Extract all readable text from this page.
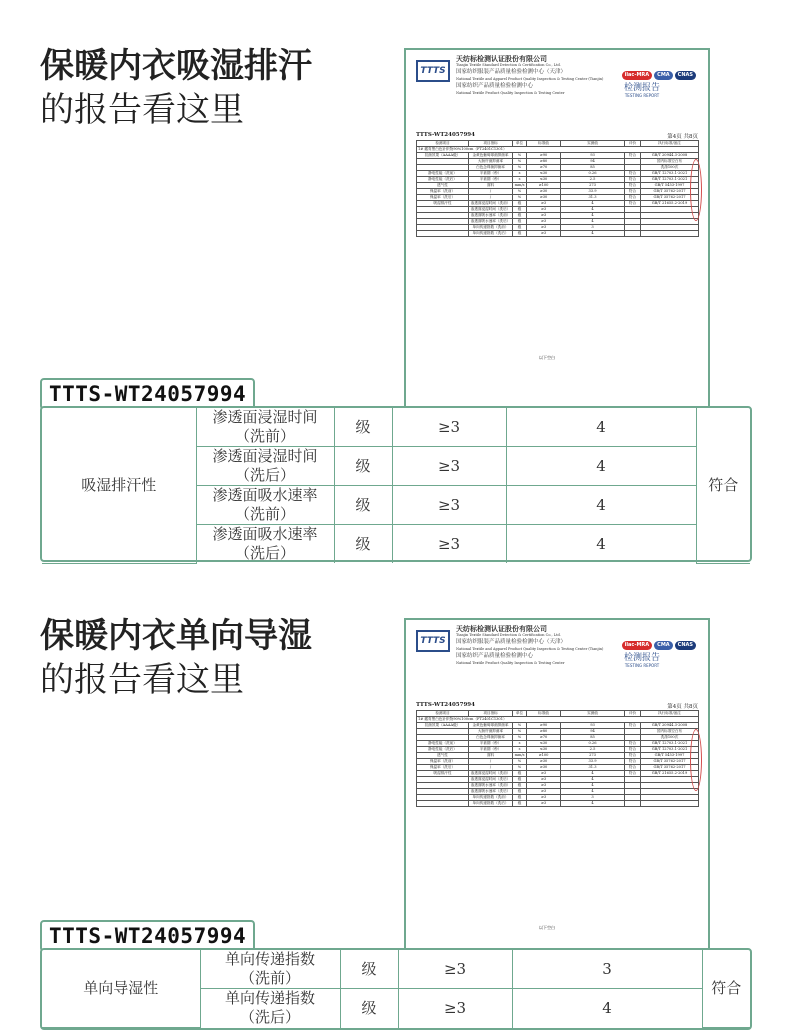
保暖内衣吸湿排汗
的报告看这里
TTTS
天纺标检测认证股份有限公司
Tianjin Textile Standard Detection & Certification Co., Ltd.
国家纺织服装产品质量检验检测中心（天津）
National Textile and Apparel Product Quality Inspection & Testing Center (Tianjin)
国家纺织产品质量检验检测中心
National Textile Product Quality Inspection & Testing Center
ilac-MRA CMA CNAS
检测报告
TESTING REPORT
TTTS-WT24057994	第4页 共8页
检测项目	项目指标	单位	标准值	实测值	评价	执行标准/备注
1# 藏青黑白色针织物90%100cm（FT2401C1301）						
抗菌效果（AAAA级）	金黄色葡萄球菌抑菌率	%	≥90	93	符合	GB/T 20944.3-2008
	大肠杆菌抑菌率	%	≥80	94		国内标准空白布
	白色念珠菌抑菌率	%	≥70	85		洗涤100次
静电性能（洗前）	半衰期（秒）	s	≤30	0.26	符合	GB/T 12703.1-2021
静电性能（洗后）	半衰期（秒）	s	≤30	2.5	符合	GB/T 12703.1-2021
透气性	面料	mm/s	≥100	273	符合	GB/T 5453-1997
保温率（洗前）	/	%	≥30	33.9	符合	GB/T 35762-2017
保温率（洗后）	/	%	≥30	31.3	符合	GB/T 35762-2017
吸湿排汗性	渗透面浸湿时间（洗前）	级	≥3	4	符合	GB/T 21655.2-2019
	渗透面浸湿时间（洗后）	级	≥3	4		
	渗透面吸水速率（洗前）	级	≥3	4		
	渗透面吸水速率（洗后）	级	≥3	4		
	单向传递指数（洗前）	级	≥3	3		
	单向传递指数（洗后）	级	≥3	4		
以下空白
TTTS-WT24057994
吸湿排汗性	渗透面浸湿时间
（洗前）	级	≥3	4	符合

	渗透面浸湿时间
（洗后）	级	≥3	4	

	渗透面吸水速率
（洗前）	级	≥3	4	

	渗透面吸水速率
（洗后）	级	≥3	4	
保暖内衣单向导湿
的报告看这里
TTTS
天纺标检测认证股份有限公司
Tianjin Textile Standard Detection & Certification Co., Ltd.
国家纺织服装产品质量检验检测中心（天津）
National Textile and Apparel Product Quality Inspection & Testing Center (Tianjin)
国家纺织产品质量检验检测中心
National Textile Product Quality Inspection & Testing Center
ilac-MRA CMA CNAS
检测报告
TESTING REPORT
TTTS-WT24057994	第4页 共8页
检测项目	项目指标	单位	标准值	实测值	评价	执行标准/备注
1# 藏青黑白色针织物90%100cm（FT2401C1301）						
抗菌效果（AAAA级）	金黄色葡萄球菌抑菌率	%	≥90	93	符合	GB/T 20944.3-2008
	大肠杆菌抑菌率	%	≥80	94		国内标准空白布
	白色念珠菌抑菌率	%	≥70	85		洗涤100次
静电性能（洗前）	半衰期（秒）	s	≤30	0.26	符合	GB/T 12703.1-2021
静电性能（洗后）	半衰期（秒）	s	≤30	2.5	符合	GB/T 12703.1-2021
透气性	面料	mm/s	≥100	273	符合	GB/T 5453-1997
保温率（洗前）	/	%	≥30	33.9	符合	GB/T 35762-2017
保温率（洗后）	/	%	≥30	31.3	符合	GB/T 35762-2017
吸湿排汗性	渗透面浸湿时间（洗前）	级	≥3	4	符合	GB/T 21655.2-2019
	渗透面浸湿时间（洗后）	级	≥3	4		
	渗透面吸水速率（洗前）	级	≥3	4		
	渗透面吸水速率（洗后）	级	≥3	4		
	单向传递指数（洗前）	级	≥3	3		
	单向传递指数（洗后）	级	≥3	4		
以下空白
TTTS-WT24057994
单向导湿性	单向传递指数
（洗前）	级	≥3	3	符合

	单向传递指数
（洗后）	级	≥3	4	
